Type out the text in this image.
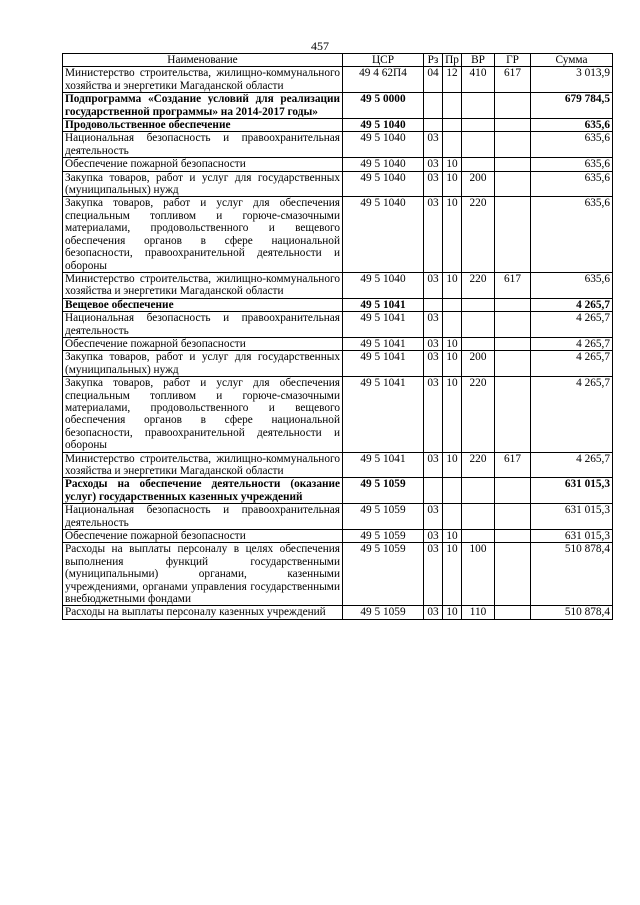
457
Наименование	ЦСР	Рз	Пр	ВР	ГР	Сумма
Министерство строительства, жилищно-коммунального хозяйства и энергетики Магаданской области	49 4 62П4	04	12	410	617	3 013,9
Подпрограмма «Создание условий для реализации государственной программы» на 2014-2017 годы»	49 5 0000					679 784,5
Продовольственное обеспечение	49 5 1040					635,6
Национальная безопасность и правоохранительная деятельность	49 5 1040	03				635,6
Обеспечение пожарной безопасности	49 5 1040	03	10			635,6
Закупка товаров, работ и услуг для государственных (муниципальных) нужд	49 5 1040	03	10	200		635,6
Закупка товаров, работ и услуг для обеспечения специальным топливом и горюче-смазочными материалами, продовольственного и вещевого обеспечения органов в сфере национальной безопасности, правоохранительной деятельности и обороны	49 5 1040	03	10	220		635,6
Министерство строительства, жилищно-коммунального хозяйства и энергетики Магаданской области	49 5 1040	03	10	220	617	635,6
Вещевое обеспечение	49 5 1041					4 265,7
Национальная безопасность и правоохранительная деятельность	49 5 1041	03				4 265,7
Обеспечение пожарной безопасности	49 5 1041	03	10			4 265,7
Закупка товаров, работ и услуг для государственных (муниципальных) нужд	49 5 1041	03	10	200		4 265,7
Закупка товаров, работ и услуг для обеспечения специальным топливом и горюче-смазочными материалами, продовольственного и вещевого обеспечения органов в сфере национальной безопасности, правоохранительной деятельности и обороны	49 5 1041	03	10	220		4 265,7
Министерство строительства, жилищно-коммунального хозяйства и энергетики Магаданской области	49 5 1041	03	10	220	617	4 265,7
Расходы на обеспечение деятельности (оказание услуг) государственных казенных учреждений	49 5 1059					631 015,3
Национальная безопасность и правоохранительная деятельность	49 5 1059	03				631 015,3
Обеспечение пожарной безопасности	49 5 1059	03	10			631 015,3
Расходы на выплаты персоналу в целях обеспечения выполнения функций государственными (муниципальными) органами, казенными учреждениями, органами управления государственными внебюджетными фондами	49 5 1059	03	10	100		510 878,4
Расходы на выплаты персоналу казенных учреждений	49 5 1059	03	10	110		510 878,4
